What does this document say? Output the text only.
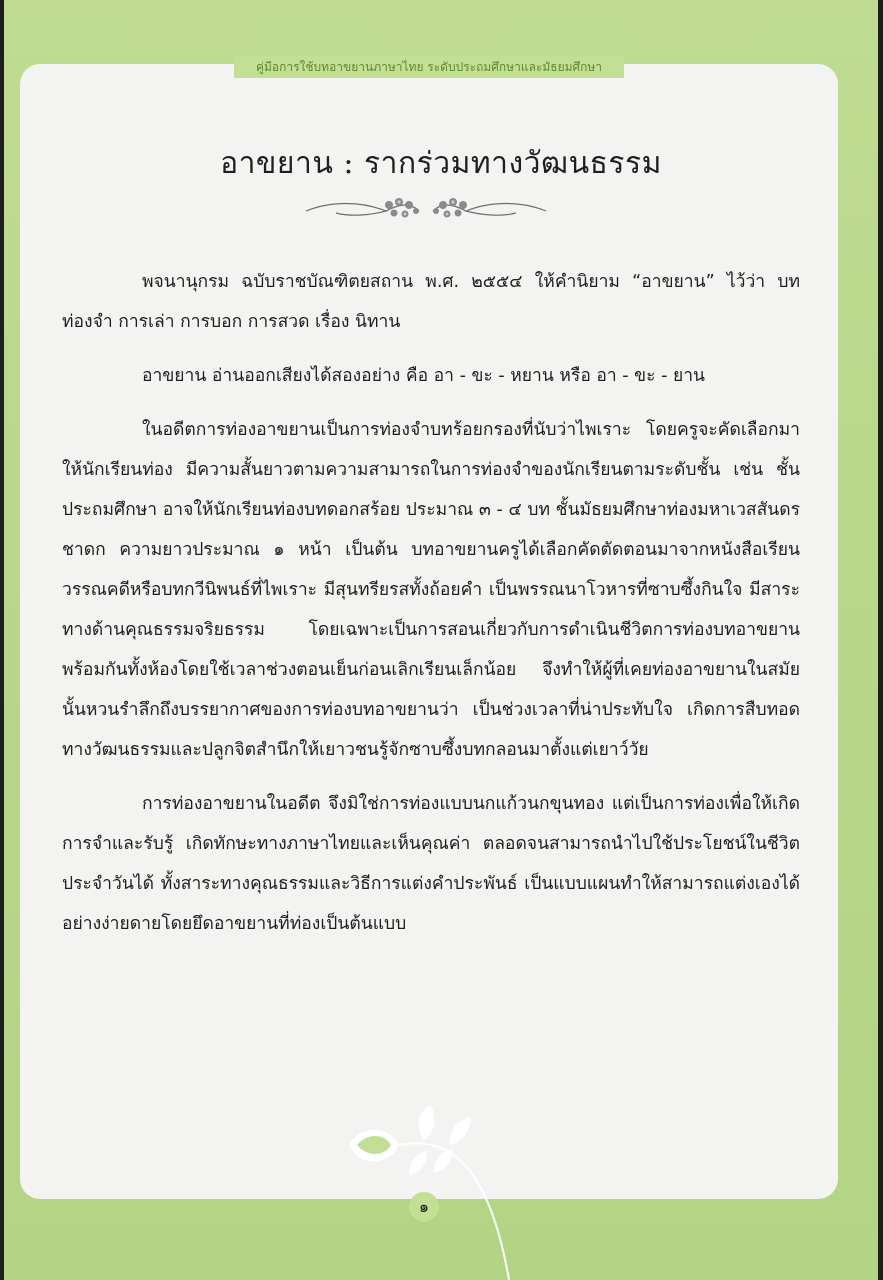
คู่มือการใช้บทอาขยานภาษาไทย ระดับประถมศึกษาและมัธยมศึกษา
อาขยาน : รากร่วมทางวัฒนธรรม

พจนานุกรม ฉบับราชบัณฑิตยสถาน พ.ศ. ๒๕๕๔ ให้คำนิยาม “อาขยาน” ไว้ว่า บทท่องจำ การเล่า การบอก การสวด เรื่อง นิทาน

อาขยาน อ่านออกเสียงได้สองอย่าง คือ อา - ขะ - หยาน หรือ อา - ขะ - ยาน

ในอดีตการท่องอาขยานเป็นการท่องจำบทร้อยกรองที่นับว่าไพเราะ โดยครูจะคัดเลือกมาให้นักเรียนท่อง มีความสั้นยาวตามความสามารถในการท่องจำของนักเรียนตามระดับชั้น เช่น ชั้นประถมศึกษา อาจให้นักเรียนท่องบทดอกสร้อย ประมาณ ๓ - ๔ บท ชั้นมัธยมศึกษาท่องมหาเวสสันดรชาดก ความยาวประมาณ ๑ หน้า เป็นต้น บทอาขยานครูได้เลือกคัดตัดตอนมาจากหนังสือเรียนวรรณคดีหรือบทกวีนิพนธ์ที่ไพเราะ มีสุนทรียรสทั้งถ้อยคำ เป็นพรรณนาโวหารที่ซาบซึ้งกินใจ มีสาระทางด้านคุณธรรมจริยธรรม โดยเฉพาะเป็นการสอนเกี่ยวกับการดำเนินชีวิตการท่องบทอาขยานพร้อมกันทั้งห้องโดยใช้เวลาช่วงตอนเย็นก่อนเลิกเรียนเล็กน้อย จึงทำให้ผู้ที่เคยท่องอาขยานในสมัยนั้นหวนรำลึกถึงบรรยากาศของการท่องบทอาขยานว่า เป็นช่วงเวลาที่น่าประทับใจ เกิดการสืบทอดทางวัฒนธรรมและปลูกจิตสำนึกให้เยาวชนรู้จักซาบซึ้งบทกลอนมาตั้งแต่เยาว์วัย

การท่องอาขยานในอดีต จึงมิใช่การท่องแบบนกแก้วนกขุนทอง แต่เป็นการท่องเพื่อให้เกิดการจำและรับรู้ เกิดทักษะทางภาษาไทยและเห็นคุณค่า ตลอดจนสามารถนำไปใช้ประโยชน์ในชีวิตประจำวันได้ ทั้งสาระทางคุณธรรมและวิธีการแต่งคำประพันธ์ เป็นแบบแผนทำให้สามารถแต่งเองได้อย่างง่ายดายโดยยึดอาขยานที่ท่องเป็นต้นแบบ

๑
